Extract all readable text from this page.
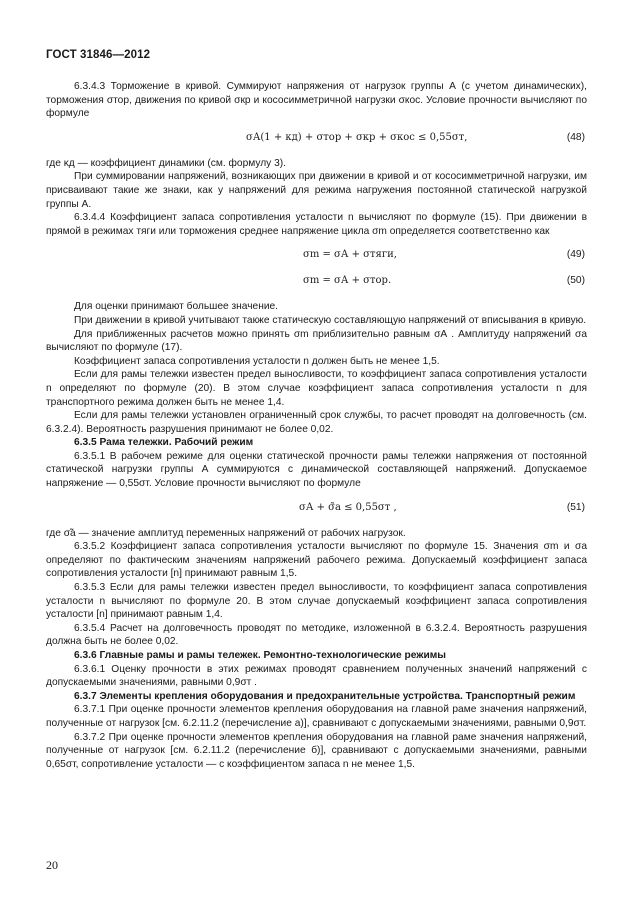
ГОСТ 31846—2012

6.3.4.3 Торможение в кривой. Суммируют напряжения от нагрузок группы А (с учетом динамических), торможения σтор, движения по кривой σкр и кососимметричной нагрузки σкос. Условие прочности вычисляют по формуле

σА(1 + κд) + σтор + σкр + σкос ≤ 0,55σт,	(48)

где κд — коэффициент динамики (см. формулу 3).

При суммировании напряжений, возникающих при движении в кривой и от кососимметричной нагрузки, им присваивают такие же знаки, как у напряжений для режима нагружения постоянной статической нагрузкой группы А.

6.3.4.4 Коэффициент запаса сопротивления усталости n вычисляют по формуле (15). При движении в прямой в режимах тяги или торможения среднее напряжение цикла σm определяется соответственно как

σm = σА + σтяги,	(49)
σm = σА + σтор.	(50)

Для оценки принимают большее значение.

При движении в кривой учитывают также статическую составляющую напряжений от вписывания в кривую.

Для приближенных расчетов можно принять σm приблизительно равным σА . Амплитуду напряжений σа вычисляют по формуле (17).

Коэффициент запаса сопротивления усталости n должен быть не менее 1,5.

Если для рамы тележки известен предел выносливости, то коэффициент запаса сопротивления усталости n определяют по формуле (20). В этом случае коэффициент запаса сопротивления усталости n для транспортного режима должен быть не менее 1,4.

Если для рамы тележки установлен ограниченный срок службы, то расчет проводят на долговечность (см. 6.3.2.4). Вероятность разрушения принимают не более 0,02.

6.3.5 Рама тележки. Рабочий режим

6.3.5.1 В рабочем режиме для оценки статической прочности рамы тележки напряжения от постоянной статической нагрузки группы А суммируются с динамической составляющей напряжений. Допускаемое напряжение — 0,55σт. Условие прочности вычисляют по формуле

σА + σ̃а ≤ 0,55σт ,	(51)

где σ̃а — значение амплитуд переменных напряжений от рабочих нагрузок.

6.3.5.2 Коэффициент запаса сопротивления усталости вычисляют по формуле 15. Значения σm и σа определяют по фактическим значениям напряжений рабочего режима. Допускаемый коэффициент запаса сопротивления усталости [n] принимают равным 1,5.

6.3.5.3 Если для рамы тележки известен предел выносливости, то коэффициент запаса сопротивления усталости n вычисляют по формуле 20. В этом случае допускаемый коэффициент запаса сопротивления усталости [n] принимают равным 1,4.

6.3.5.4 Расчет на долговечность проводят по методике, изложенной в 6.3.2.4. Вероятность разрушения должна быть не более 0,02.

6.3.6 Главные рамы и рамы тележек. Ремонтно-технологические режимы

6.3.6.1 Оценку прочности в этих режимах проводят сравнением полученных значений напряжений с допускаемыми значениями, равными 0,9σт .

6.3.7 Элементы крепления оборудования и предохранительные устройства. Транспортный режим

6.3.7.1 При оценке прочности элементов крепления оборудования на главной раме значения напряжений, полученные от нагрузок [см. 6.2.11.2 (перечисление а)], сравнивают с допускаемыми значениями, равными 0,9σт.

6.3.7.2 При оценке прочности элементов крепления оборудования на главной раме значения напряжений, полученные от нагрузок [см. 6.2.11.2 (перечисление б)], сравнивают с допускаемыми значениями, равными 0,65σт, сопротивление усталости — с коэффициентом запаса n не менее 1,5.

20
